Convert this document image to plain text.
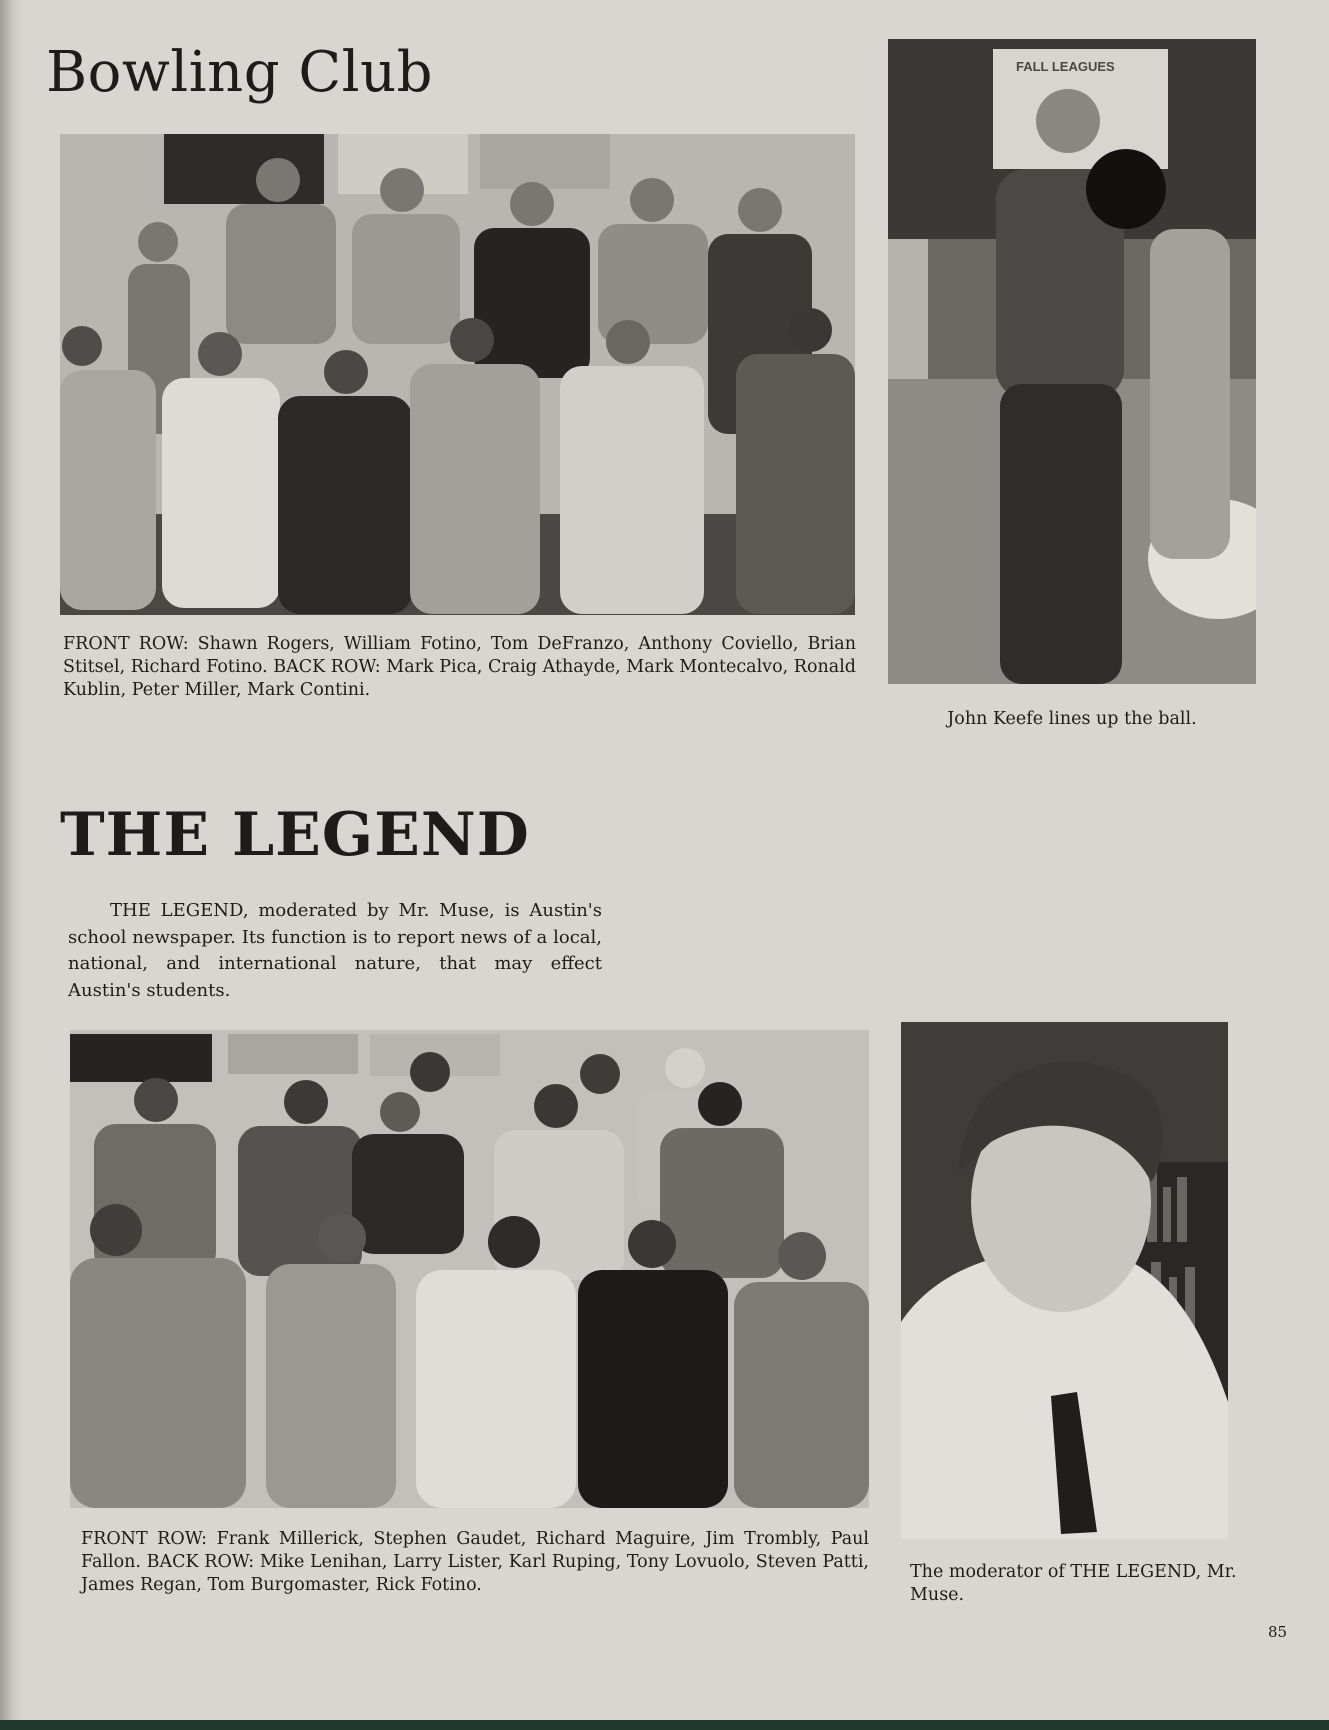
Bowling Club
FRONT ROW: Shawn Rogers, William Fotino, Tom DeFranzo, Anthony Coviello, Brian Stitsel, Richard Fotino. BACK ROW: Mark Pica, Craig Athayde, Mark Montecalvo, Ronald Kublin, Peter Miller, Mark Contini.
FALL LEAGUES
John Keefe lines up the ball.
THE LEGEND

THE LEGEND, moderated by Mr. Muse, is Austin's school newspaper. Its function is to report news of a local, national, and international nature, that may effect Austin's students.

FRONT ROW: Frank Millerick, Stephen Gaudet, Richard Maguire, Jim Trombly, Paul Fallon. BACK ROW: Mike Lenihan, Larry Lister, Karl Ruping, Tony Lovuolo, Steven Patti, James Regan, Tom Burgomaster, Rick Fotino.
The moderator of THE LEGEND, Mr. Muse.
85
